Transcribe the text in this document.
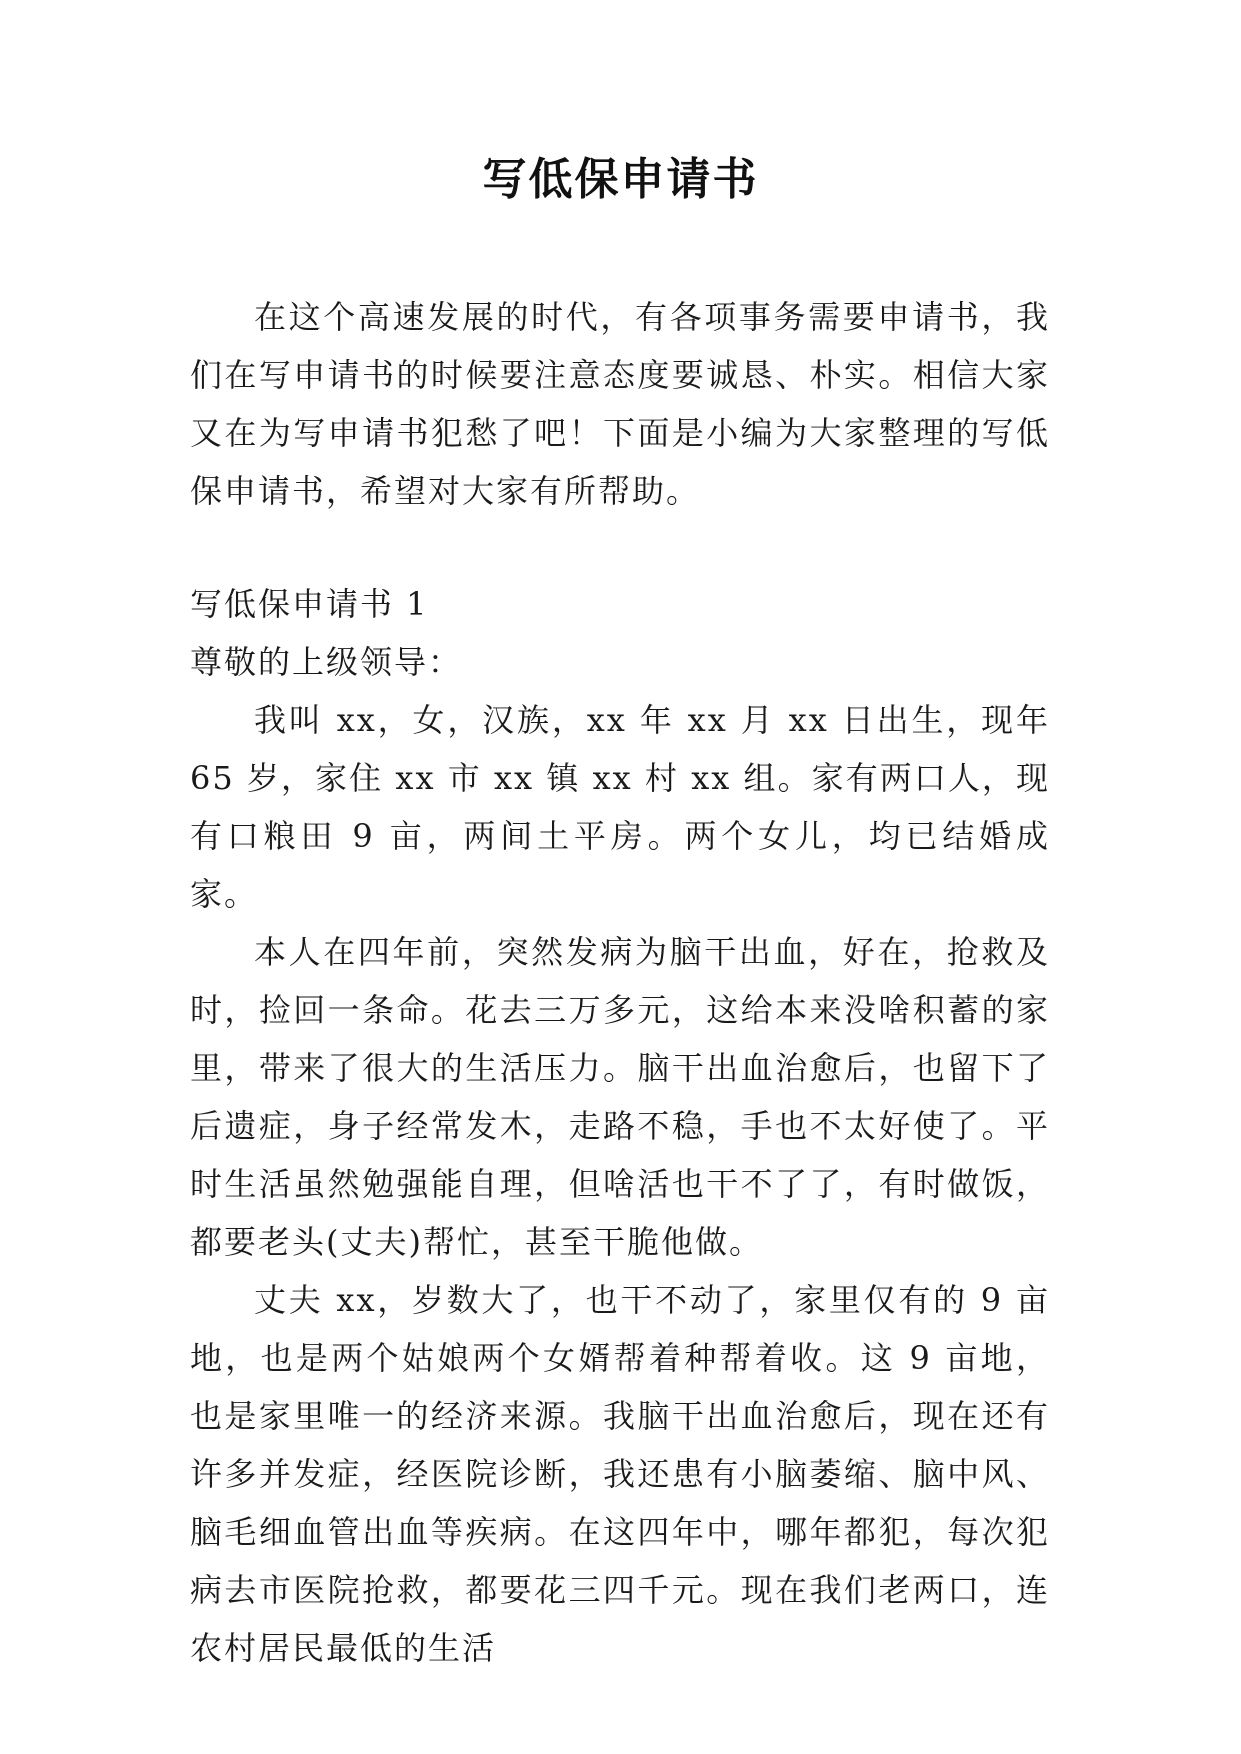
写低保申请书

在这个高速发展的时代，有各项事务需要申请书，我们在写申请书的时候要注意态度要诚恳、朴实。相信大家又在为写申请书犯愁了吧！下面是小编为大家整理的写低保申请书，希望对大家有所帮助。

写低保申请书 1

尊敬的上级领导：

我叫 xx，女，汉族，xx 年 xx 月 xx 日出生，现年 65 岁，家住 xx 市 xx 镇 xx 村 xx 组。家有两口人，现有口粮田 9 亩，两间土平房。两个女儿，均已结婚成家。

本人在四年前，突然发病为脑干出血，好在，抢救及时，捡回一条命。花去三万多元，这给本来没啥积蓄的家里，带来了很大的生活压力。脑干出血治愈后，也留下了后遗症，身子经常发木，走路不稳，手也不太好使了。平时生活虽然勉强能自理，但啥活也干不了了，有时做饭，都要老头(丈夫)帮忙，甚至干脆他做。

丈夫 xx，岁数大了，也干不动了，家里仅有的 9 亩地，也是两个姑娘两个女婿帮着种帮着收。这 9 亩地，也是家里唯一的经济来源。我脑干出血治愈后，现在还有许多并发症，经医院诊断，我还患有小脑萎缩、脑中风、脑毛细血管出血等疾病。在这四年中，哪年都犯，每次犯病去市医院抢救，都要花三四千元。现在我们老两口，连农村居民最低的生活
